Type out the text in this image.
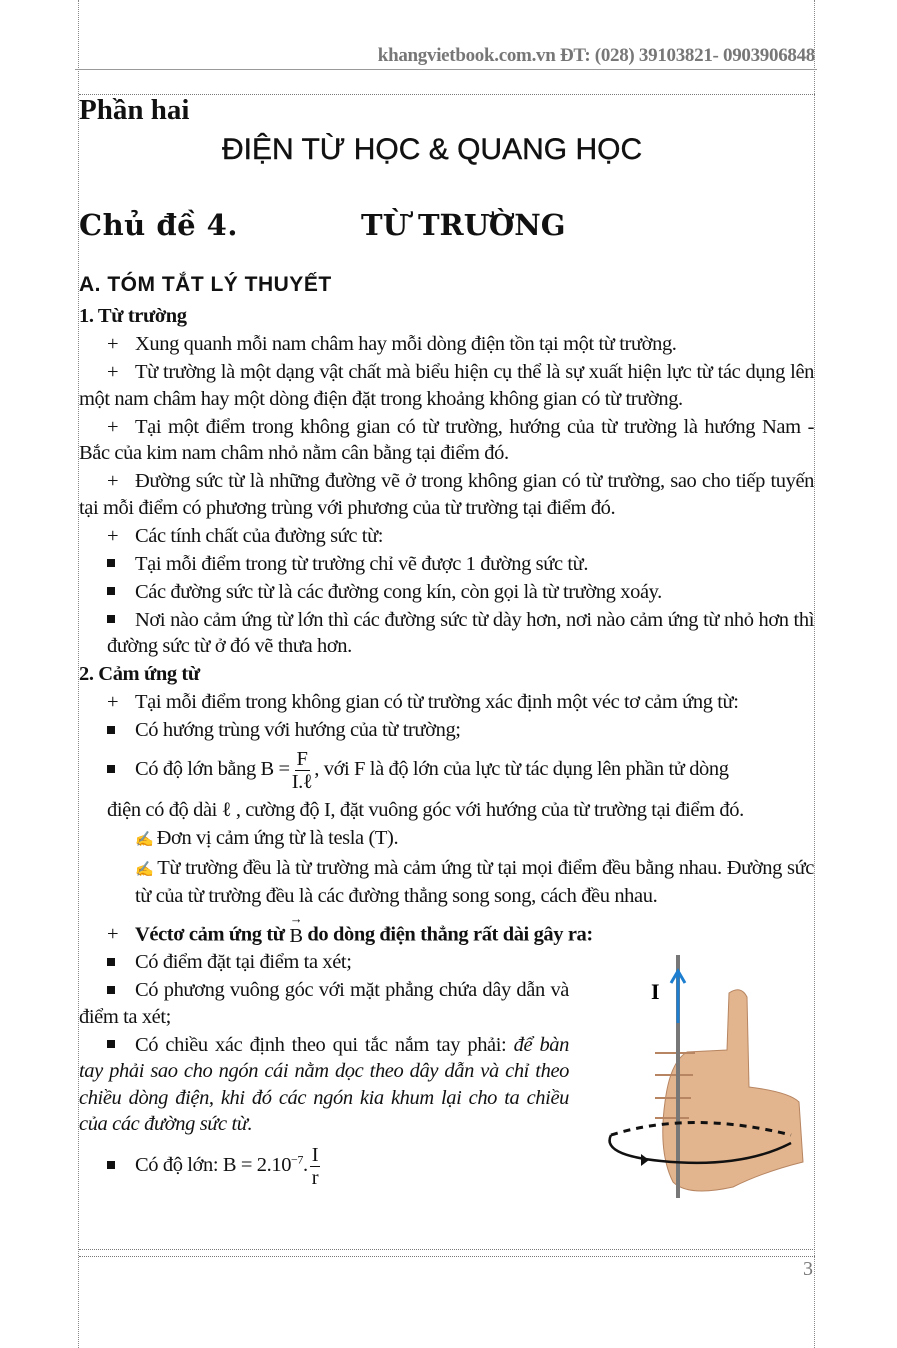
khangvietbook.com.vn ĐT: (028) 39103821- 0903906848
Phần hai
ĐIỆN TỪ HỌC & QUANG HỌC
Chủ đề 4.	TỪ TRƯỜNG
A. TÓM TẮT LÝ THUYẾT
1. Từ trường
+ Xung quanh mỗi nam châm hay mỗi dòng điện tồn tại một từ trường.
+ Từ trường là một dạng vật chất mà biểu hiện cụ thể là sự xuất hiện lực từ tác dụng lên một nam châm hay một dòng điện đặt trong khoảng không gian có từ trường.
+ Tại một điểm trong không gian có từ trường, hướng của từ trường là hướng Nam - Bắc của kim nam châm nhỏ nằm cân bằng tại điểm đó.
+ Đường sức từ là những đường vẽ ở trong không gian có từ trường, sao cho tiếp tuyến tại mỗi điểm có phương trùng với phương của từ trường tại điểm đó.
+ Các tính chất của đường sức từ:
Tại mỗi điểm trong từ trường chỉ vẽ được 1 đường sức từ.
Các đường sức từ là các đường cong kín, còn gọi là từ trường xoáy.
Nơi nào cảm ứng từ lớn thì các đường sức từ dày hơn, nơi nào cảm ứng từ nhỏ hơn thì đường sức từ ở đó vẽ thưa hơn.
2. Cảm ứng từ
+ Tại mỗi điểm trong không gian có từ trường xác định một véc tơ cảm ứng từ:
Có hướng trùng với hướng của từ trường;
Có độ lớn bằng $B = \frac{F}{\text{I.ℓ}}$ , với F là độ lớn của lực từ tác dụng lên phần tử dòng
điện có độ dài ℓ , cường độ I, đặt vuông góc với hướng của từ trường tại điểm đó.
✍ Đơn vị cảm ứng từ là tesla (T).
✍ Từ trường đều là từ trường mà cảm ứng từ tại mọi điểm đều bằng nhau. Đường sức từ của từ trường đều là các đường thẳng song song, cách đều nhau.
+ Véctơ cảm ứng từ
→
B do dòng điện thẳng rất dài gây ra:
I
Có điểm đặt tại điểm ta xét;
Có phương vuông góc với mặt phẳng chứa dây dẫn và điểm ta xét;
Có chiều xác định theo qui tắc nắm tay phải: để bàn tay phải sao cho ngón cái nằm dọc theo dây dẫn và chỉ theo chiều dòng điện, khi đó các ngón kia khum lại cho ta chiều của các đường sức từ.
Có độ lớn: $B = 2.10^{-7}$. $\frac{I}{r}$
3
